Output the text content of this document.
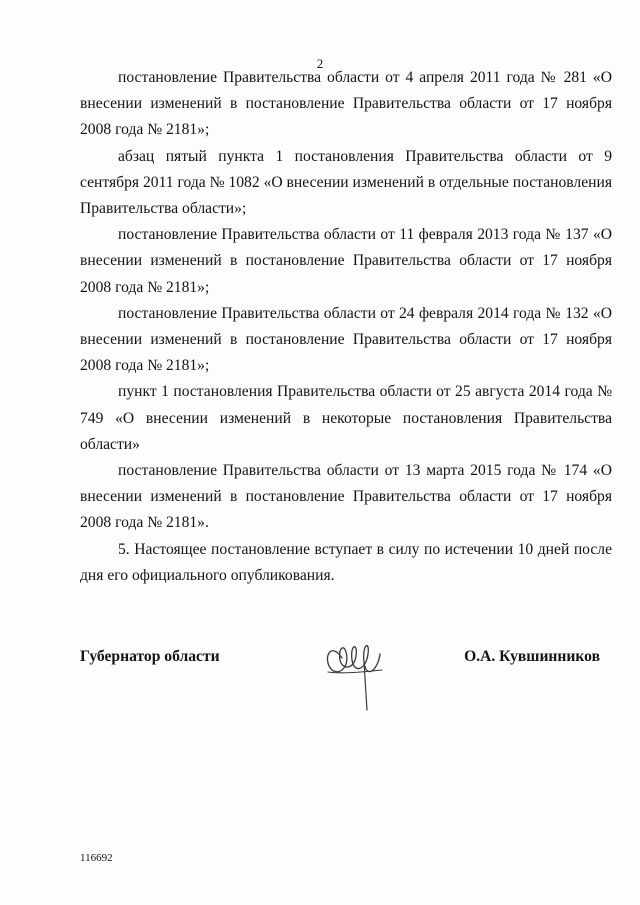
2

постановление Правительства области от 4 апреля 2011 года № 281 «О внесении изменений в постановление Правительства области от 17 ноября 2008 года № 2181»;

абзац пятый пункта 1 постановления Правительства области от 9 сентября 2011 года № 1082 «О внесении изменений в отдельные постановления Правительства области»;

постановление Правительства области от 11 февраля 2013 года № 137 «О внесении изменений в постановление Правительства области от 17 ноября 2008 года № 2181»;

постановление Правительства области от 24 февраля 2014 года № 132 «О внесении изменений в постановление Правительства области от 17 ноября 2008 года № 2181»;

пункт 1 постановления Правительства области от 25 августа 2014 года № 749 «О внесении изменений в некоторые постановления Правительства области»

постановление Правительства области от 13 марта 2015 года № 174 «О внесении изменений в постановление Правительства области от 17 ноября 2008 года № 2181».

5. Настоящее постановление вступает в силу по истечении 10 дней после дня его официального опубликования.

Губернатор области	О.А. Кувшинников
116692
